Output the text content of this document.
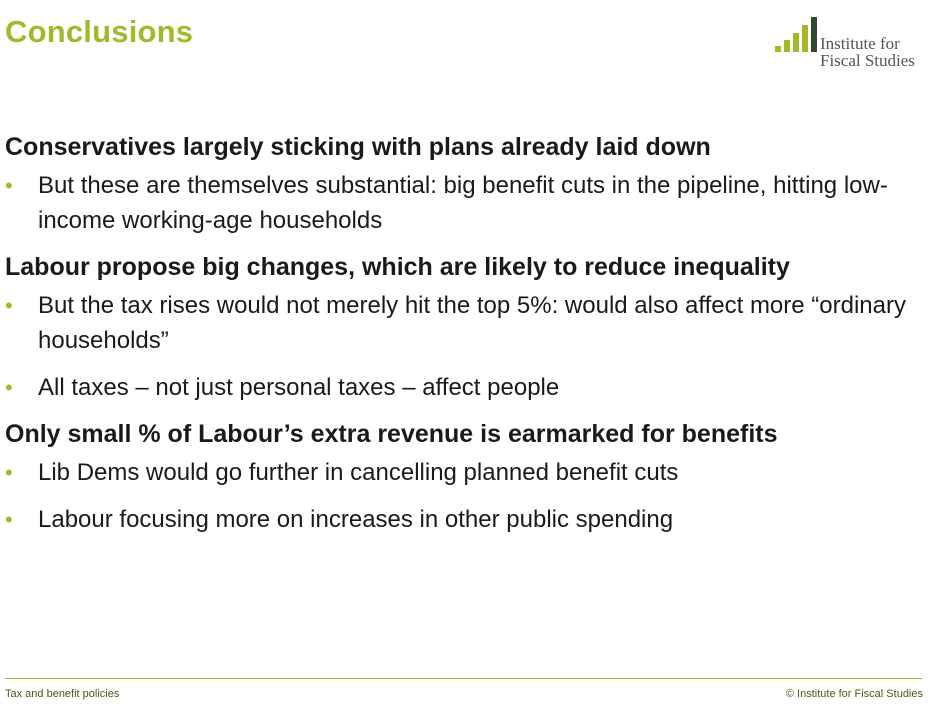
Conclusions	Institute for
Fiscal Studies
Conservatives largely sticking with plans already laid down
• But these are themselves substantial: big benefit cuts in the pipeline, hitting low-income working-age households
Labour propose big changes, which are likely to reduce inequality
• But the tax rises would not merely hit the top 5%: would also affect more “ordinary households”
• All taxes – not just personal taxes – affect people
Only small % of Labour’s extra revenue is earmarked for benefits
• Lib Dems would go further in cancelling planned benefit cuts
• Labour focusing more on increases in other public spending
Tax and benefit policies	© Institute for Fiscal Studies
